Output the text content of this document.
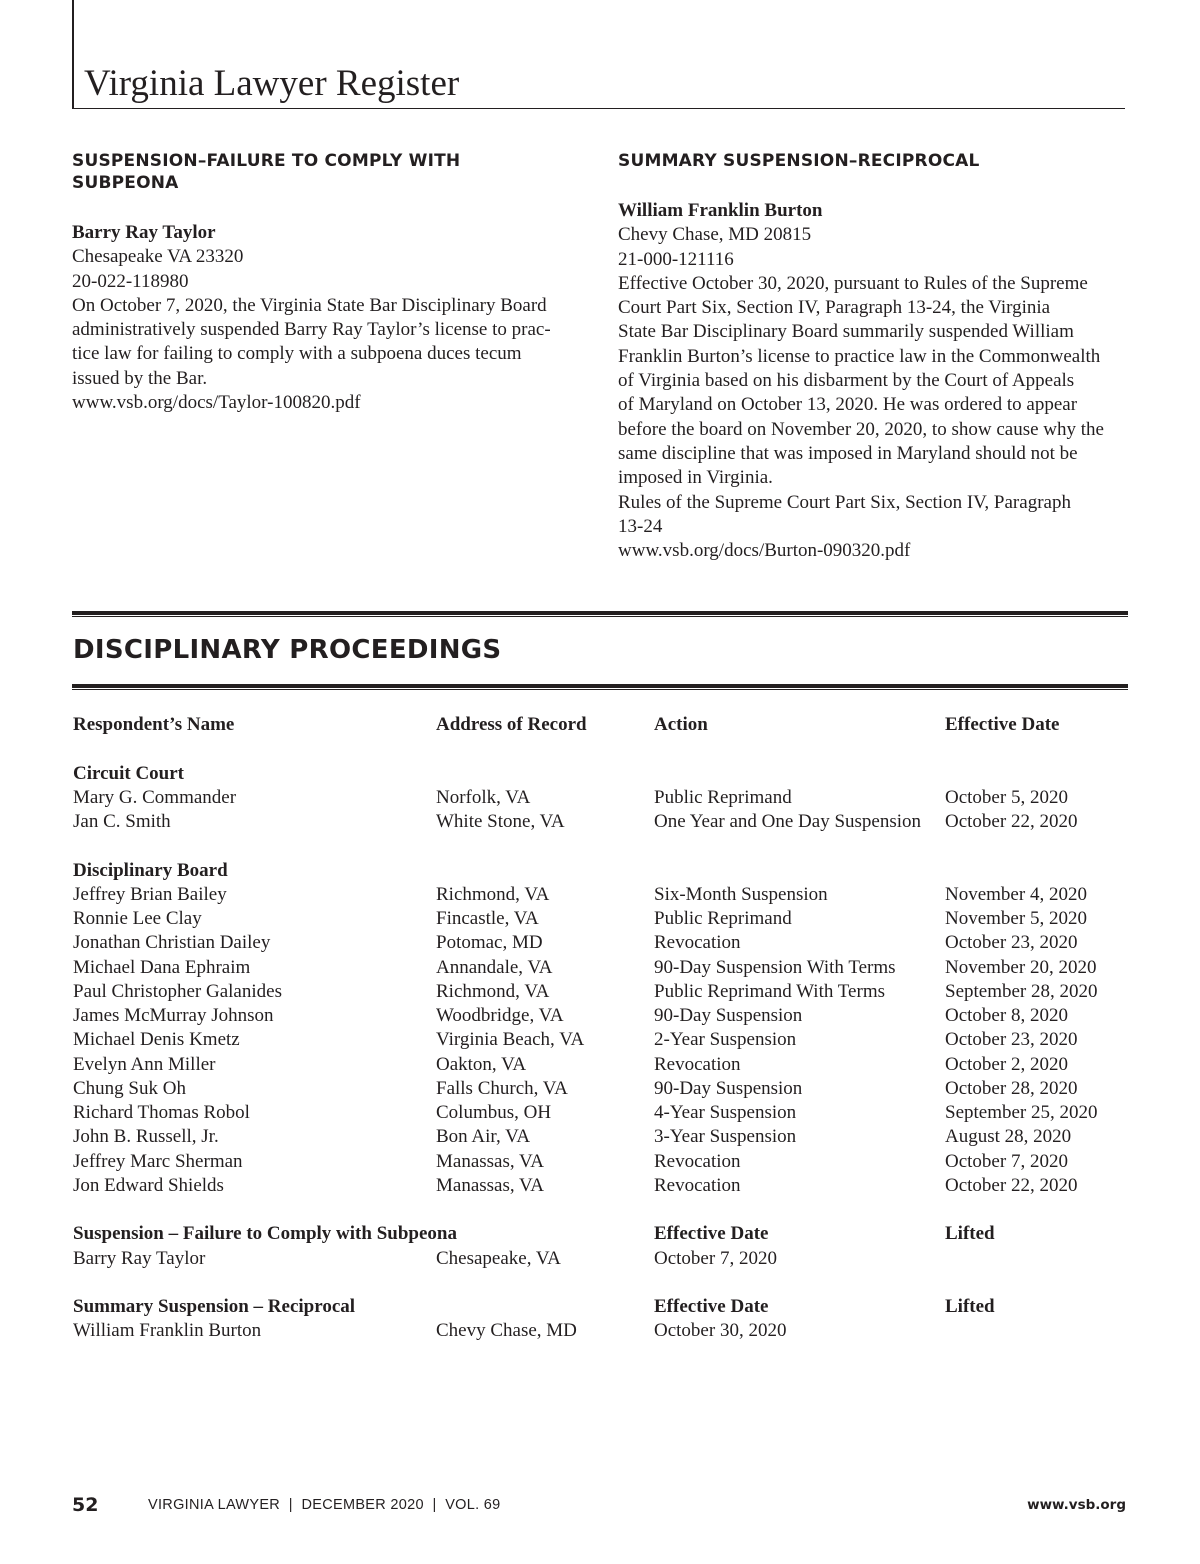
Virginia Lawyer Register
SUSPENSION–FAILURE TO COMPLY WITH SUBPEONA
Barry Ray Taylor
Chesapeake VA 23320
20-022-118980
On October 7, 2020, the Virginia State Bar Disciplinary Board
administratively suspended Barry Ray Taylor’s license to prac-
tice law for failing to comply with a subpoena duces tecum
issued by the Bar.
www.vsb.org/docs/Taylor-100820.pdf
SUMMARY SUSPENSION–RECIPROCAL
William Franklin Burton
Chevy Chase, MD 20815
21-000-121116
Effective October 30, 2020, pursuant to Rules of the Supreme
Court Part Six, Section IV, Paragraph 13-24, the Virginia
State Bar Disciplinary Board summarily suspended William
Franklin Burton’s license to practice law in the Commonwealth
of Virginia based on his disbarment by the Court of Appeals
of Maryland on October 13, 2020. He was ordered to appear
before the board on November 20, 2020, to show cause why the
same discipline that was imposed in Maryland should not be
imposed in Virginia.
Rules of the Supreme Court Part Six, Section IV, Paragraph
13-24
www.vsb.org/docs/Burton-090320.pdf
DISCIPLINARY PROCEEDINGS
Respondent’s Name	Address of Record	Action	Effective Date
Circuit Court
Mary G. Commander	Norfolk, VA	Public Reprimand	October 5, 2020
Jan C. Smith	White Stone, VA	One Year and One Day Suspension October 22, 2020
Disciplinary Board
Jeffrey Brian Bailey	Richmond, VA	Six-Month Suspension	November 4, 2020
Ronnie Lee Clay	Fincastle, VA	Public Reprimand	November 5, 2020
Jonathan Christian Dailey	Potomac, MD	Revocation	October 23, 2020
Michael Dana Ephraim	Annandale, VA	90-Day Suspension With Terms	November 20, 2020
Paul Christopher Galanides	Richmond, VA	Public Reprimand With Terms	September 28, 2020
James McMurray Johnson	Woodbridge, VA	90-Day Suspension	October 8, 2020
Michael Denis Kmetz	Virginia Beach, VA	2-Year Suspension	October 23, 2020
Evelyn Ann Miller	Oakton, VA	Revocation	October 2, 2020
Chung Suk Oh	Falls Church, VA	90-Day Suspension	October 28, 2020
Richard Thomas Robol	Columbus, OH	4-Year Suspension	September 25, 2020
John B. Russell, Jr.	Bon Air, VA	3-Year Suspension	August 28, 2020
Jeffrey Marc Sherman	Manassas, VA	Revocation	October 7, 2020
Jon Edward Shields	Manassas, VA	Revocation	October 22, 2020
Suspension – Failure to Comply with Subpeona	Effective Date	Lifted
Barry Ray Taylor	Chesapeake, VA	October 7, 2020
Summary Suspension – Reciprocal	Effective Date	Lifted
William Franklin Burton	Chevy Chase, MD	October 30, 2020
52	VIRGINIA LAWYER  |  DECEMBER 2020  |  VOL. 69	www.vsb.org
